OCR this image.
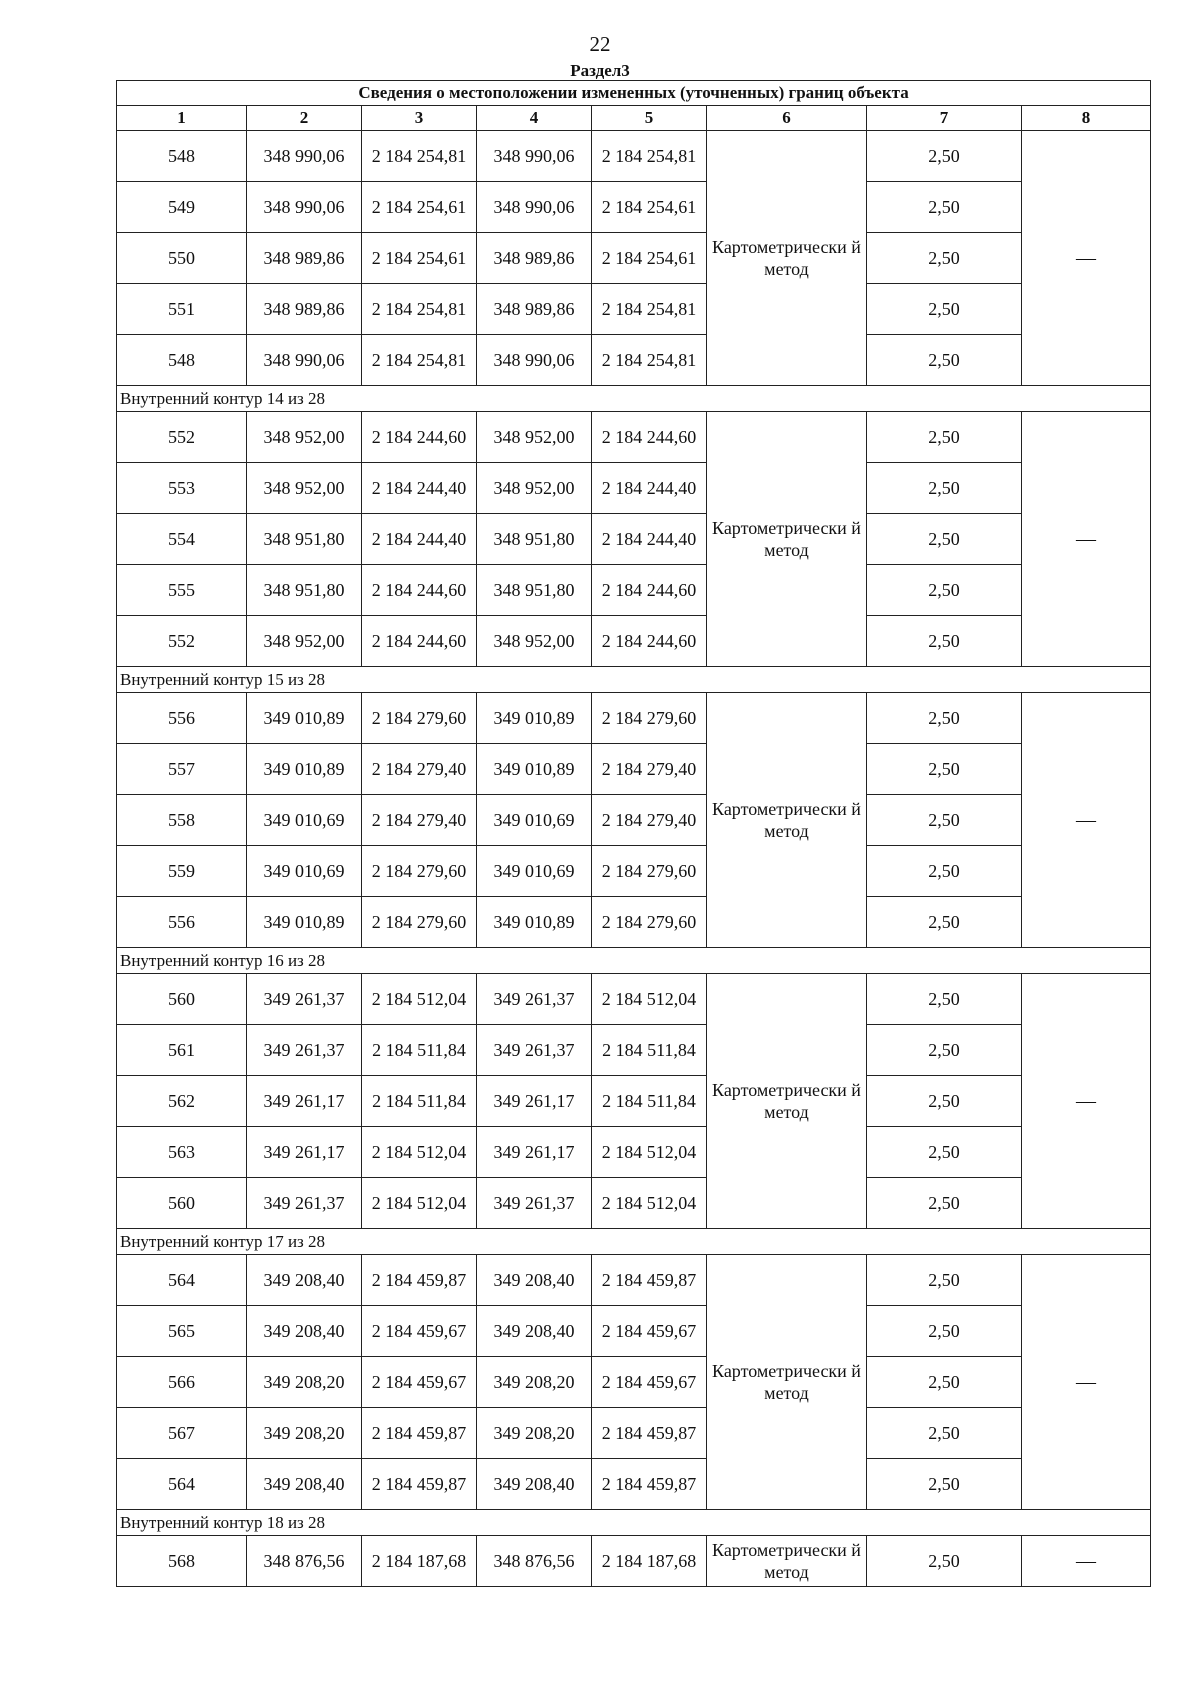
22
Раздел3
Сведения о местоположении измененных (уточненных) границ объекта							
1	2	3	4	5	6	7	8
548	348 990,06	2 184 254,81	348 990,06	2 184 254,81	Картометрически й метод	2,50	—
549	348 990,06	2 184 254,61	348 990,06	2 184 254,61		2,50	
550	348 989,86	2 184 254,61	348 989,86	2 184 254,61		2,50	
551	348 989,86	2 184 254,81	348 989,86	2 184 254,81		2,50	
548	348 990,06	2 184 254,81	348 990,06	2 184 254,81		2,50	
Внутренний контур 14 из 28							
552	348 952,00	2 184 244,60	348 952,00	2 184 244,60	Картометрически й метод	2,50	—
553	348 952,00	2 184 244,40	348 952,00	2 184 244,40		2,50	
554	348 951,80	2 184 244,40	348 951,80	2 184 244,40		2,50	
555	348 951,80	2 184 244,60	348 951,80	2 184 244,60		2,50	
552	348 952,00	2 184 244,60	348 952,00	2 184 244,60		2,50	
Внутренний контур 15 из 28							
556	349 010,89	2 184 279,60	349 010,89	2 184 279,60	Картометрически й метод	2,50	—
557	349 010,89	2 184 279,40	349 010,89	2 184 279,40		2,50	
558	349 010,69	2 184 279,40	349 010,69	2 184 279,40		2,50	
559	349 010,69	2 184 279,60	349 010,69	2 184 279,60		2,50	
556	349 010,89	2 184 279,60	349 010,89	2 184 279,60		2,50	
Внутренний контур 16 из 28							
560	349 261,37	2 184 512,04	349 261,37	2 184 512,04	Картометрически й метод	2,50	—
561	349 261,37	2 184 511,84	349 261,37	2 184 511,84		2,50	
562	349 261,17	2 184 511,84	349 261,17	2 184 511,84		2,50	
563	349 261,17	2 184 512,04	349 261,17	2 184 512,04		2,50	
560	349 261,37	2 184 512,04	349 261,37	2 184 512,04		2,50	
Внутренний контур 17 из 28							
564	349 208,40	2 184 459,87	349 208,40	2 184 459,87	Картометрически й метод	2,50	—
565	349 208,40	2 184 459,67	349 208,40	2 184 459,67		2,50	
566	349 208,20	2 184 459,67	349 208,20	2 184 459,67		2,50	
567	349 208,20	2 184 459,87	349 208,20	2 184 459,87		2,50	
564	349 208,40	2 184 459,87	349 208,40	2 184 459,87		2,50	
Внутренний контур 18 из 28							
568	348 876,56	2 184 187,68	348 876,56	2 184 187,68	Картометрически й метод	2,50	—
